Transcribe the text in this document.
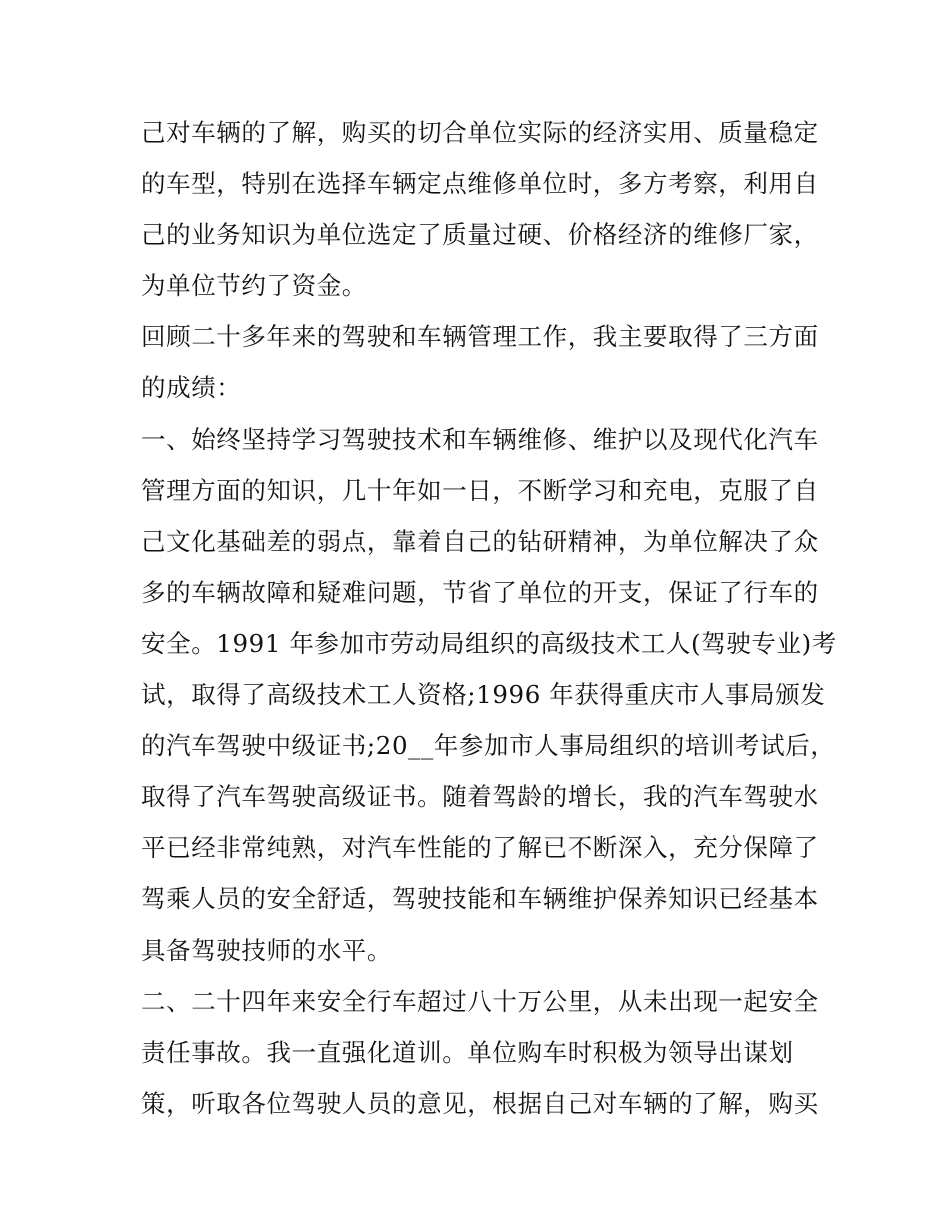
己对车辆的了解，购买的切合单位实际的经济实用、质量稳定
的车型，特别在选择车辆定点维修单位时，多方考察，利用自
己的业务知识为单位选定了质量过硬、价格经济的维修厂家，
为单位节约了资金。
回顾二十多年来的驾驶和车辆管理工作，我主要取得了三方面
的成绩：
一、始终坚持学习驾驶技术和车辆维修、维护以及现代化汽车
管理方面的知识，几十年如一日，不断学习和充电，克服了自
己文化基础差的弱点，靠着自己的钻研精神，为单位解决了众
多的车辆故障和疑难问题，节省了单位的开支，保证了行车的
安全。1991 年参加市劳动局组织的高级技术工人(驾驶专业)考
试，取得了高级技术工人资格;1996 年获得重庆市人事局颁发
的汽车驾驶中级证书;20__年参加市人事局组织的培训考试后，
取得了汽车驾驶高级证书。随着驾龄的增长，我的汽车驾驶水
平已经非常纯熟，对汽车性能的了解已不断深入，充分保障了
驾乘人员的安全舒适，驾驶技能和车辆维护保养知识已经基本
具备驾驶技师的水平。
二、二十四年来安全行车超过八十万公里，从未出现一起安全
责任事故。我一直强化道训。单位购车时积极为领导出谋划
策，听取各位驾驶人员的意见，根据自己对车辆的了解，购买
